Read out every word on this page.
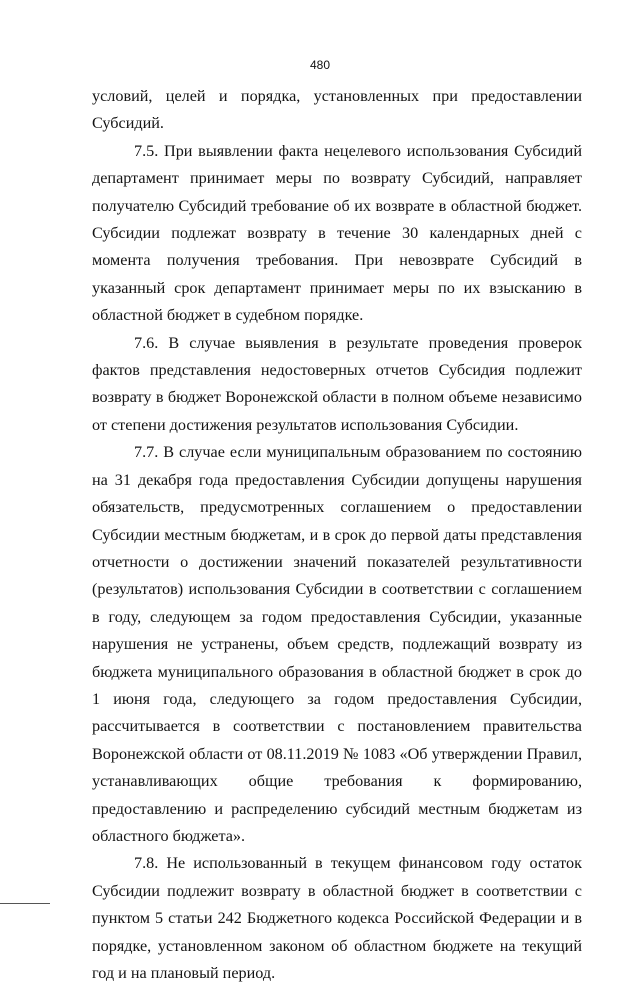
480

условий, целей и порядка, установленных при предоставлении Субсидий.

7.5. При выявлении факта нецелевого использования Субсидий департамент принимает меры по возврату Субсидий, направляет получателю Субсидий требование об их возврате в областной бюджет. Субсидии подлежат возврату в течение 30 календарных дней с момента получения требования. При невозврате Субсидий в указанный срок департамент принимает меры по их взысканию в областной бюджет в судебном порядке.

7.6. В случае выявления в результате проведения проверок фактов представления недостоверных отчетов Субсидия подлежит возврату в бюджет Воронежской области в полном объеме независимо от степени достижения результатов использования Субсидии.

7.7. В случае если муниципальным образованием по состоянию на 31 декабря года предоставления Субсидии допущены нарушения обязательств, предусмотренных соглашением о предоставлении Субсидии местным бюджетам, и в срок до первой даты представления отчетности о достижении значений показателей результативности (результатов) использования Субсидии в соответствии с соглашением в году, следующем за годом предоставления Субсидии, указанные нарушения не устранены, объем средств, подлежащий возврату из бюджета муниципального образования в областной бюджет в срок до 1 июня года, следующего за годом предоставления Субсидии, рассчитывается в соответствии с постановлением правительства Воронежской области от 08.11.2019 № 1083 «Об утверждении Правил, устанавливающих общие требования к формированию, предоставлению и распределению субсидий местным бюджетам из областного бюджета».

7.8. Не использованный в текущем финансовом году остаток Субсидии подлежит возврату в областной бюджет в соответствии с пунктом 5 статьи 242 Бюджетного кодекса Российской Федерации и в порядке, установленном законом об областном бюджете на текущий год и на плановый период.
